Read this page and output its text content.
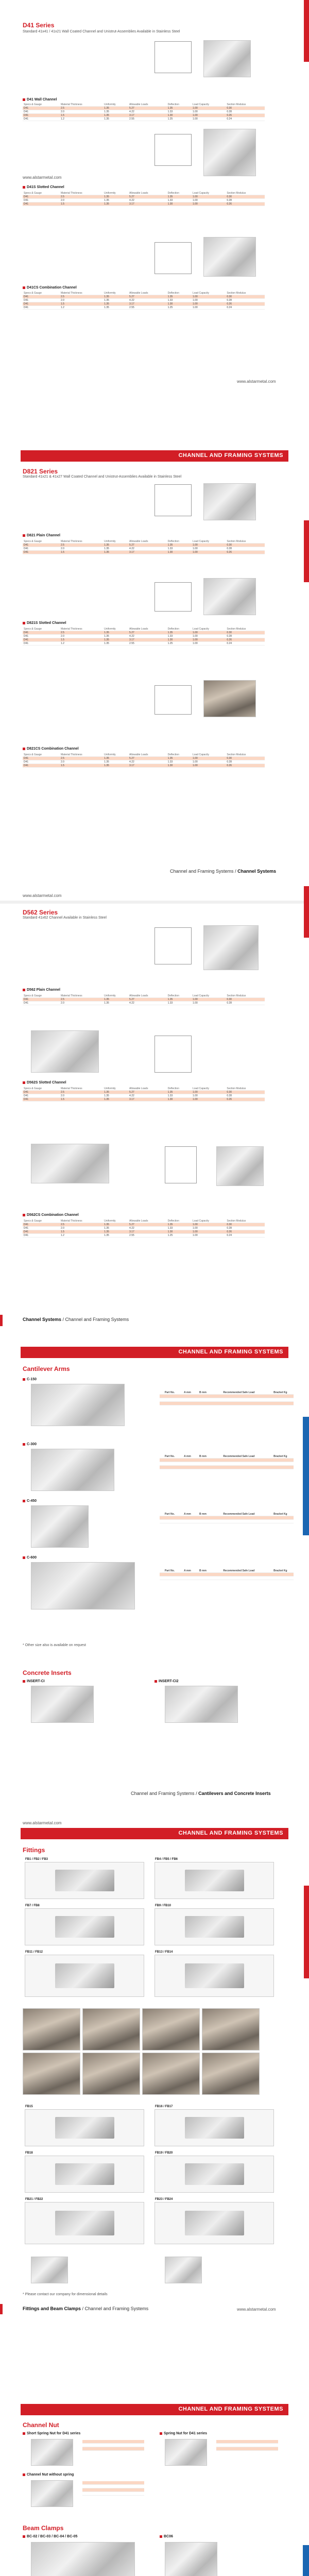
D41 Series
Standard 41x41 / 41x21 Wall Coated Channel and Unistrut-Assemblies Available in Stainless Steel
D41 Wall Channel
Specs & Gauge	Material Thickness	Uniformity	Allowable Loads	Deflection	Load Capacity	Section Modulus
D41	2.5	1.35	5.27	1.35	1.00	0.30
D41	2.0	1.35	4.22	1.33	1.00	0.28
D41	1.5	1.35	3.17	1.30	1.00	0.26
D41	1.2	1.35	2.55	1.25	1.00	0.24
www.alstarmetal.com
D41S Slotted Channel
Specs & Gauge	Material Thickness	Uniformity	Allowable Loads	Deflection	Load Capacity	Section Modulus
D41	2.5	1.35	5.27	1.35	1.00	0.30
D41	2.0	1.35	4.22	1.33	1.00	0.28
D41	1.5	1.35	3.17	1.30	1.00	0.26
D41CS Combination Channel
Specs & Gauge	Material Thickness	Uniformity	Allowable Loads	Deflection	Load Capacity	Section Modulus
D41	2.5	1.35	5.27	1.35	1.00	0.30
D41	2.0	1.35	4.22	1.33	1.00	0.28
D41	1.5	1.35	3.17	1.30	1.00	0.26
D41	1.2	1.35	2.55	1.25	1.00	0.24
www.alstarmetal.com
CHANNEL AND FRAMING SYSTEMS
D821 Series
Standard 41x21 & 41x27 Wall Coated Channel and Unistrut-Assemblies Available in Stainless Steel
D821 Plain Channel
Specs & Gauge	Material Thickness	Uniformity	Allowable Loads	Deflection	Load Capacity	Section Modulus
D41	2.5	1.35	5.27	1.35	1.00	0.30
D41	2.0	1.35	4.22	1.33	1.00	0.28
D41	1.5	1.35	3.17	1.30	1.00	0.26
D821S Slotted Channel
Specs & Gauge	Material Thickness	Uniformity	Allowable Loads	Deflection	Load Capacity	Section Modulus
D41	2.5	1.35	5.27	1.35	1.00	0.30
D41	2.0	1.35	4.22	1.33	1.00	0.28
D41	1.5	1.35	3.17	1.30	1.00	0.26
D41	1.2	1.35	2.55	1.25	1.00	0.24
D821CS Combination Channel
Specs & Gauge	Material Thickness	Uniformity	Allowable Loads	Deflection	Load Capacity	Section Modulus
D41	2.5	1.35	5.27	1.35	1.00	0.30
D41	2.0	1.35	4.22	1.33	1.00	0.28
D41	1.5	1.35	3.17	1.30	1.00	0.26
Channel and Framing Systems / Channel Systems
www.alstarmetal.com
D562 Series
Standard 41x62 Channel Available in Stainless Steel
D562 Plain Channel
Specs & Gauge	Material Thickness	Uniformity	Allowable Loads	Deflection	Load Capacity	Section Modulus
D41	2.5	1.35	5.27	1.35	1.00	0.30
D41	2.0	1.35	4.22	1.33	1.00	0.28
D562S Slotted Channel
Specs & Gauge	Material Thickness	Uniformity	Allowable Loads	Deflection	Load Capacity	Section Modulus
D41	2.5	1.35	5.27	1.35	1.00	0.30
D41	2.0	1.35	4.22	1.33	1.00	0.28
D41	1.5	1.35	3.17	1.30	1.00	0.26
D562CS Combination Channel
Specs & Gauge	Material Thickness	Uniformity	Allowable Loads	Deflection	Load Capacity	Section Modulus
D41	2.5	1.35	5.27	1.35	1.00	0.30
D41	2.0	1.35	4.22	1.33	1.00	0.28
D41	1.5	1.35	3.17	1.30	1.00	0.26
D41	1.2	1.35	2.55	1.25	1.00	0.24
Channel Systems / Channel and Framing Systems
CHANNEL AND FRAMING SYSTEMS
Cantilever Arms
C-150
Part No.	A mm	B mm	Recommended Safe Load	Bracket Kg

C-300
Part No.	A mm	B mm	Recommended Safe Load	Bracket Kg

C-450
Part No.	A mm	B mm	Recommended Safe Load	Bracket Kg

C-600
Part No.	A mm	B mm	Recommended Safe Load	Bracket Kg

* Other size also is available on request
Concrete Inserts
INSERT-CI	INSERT-CI2
Channel and Framing Systems / Cantilevers and Concrete Inserts
www.alstarmetal.com
CHANNEL AND FRAMING SYSTEMS
Fittings
FB1 / FB2 / FB3	FB4 / FB5 / FB6
FB7 / FB8	FB9 / FB10
FB11 / FB12	FB13 / FB14
FB15	FB16 / FB17
FB18	FB19 / FB20
FB21 / FB22	FB23 / FB24
* Please contact our company for dimensional details
Fittings and Beam Clamps / Channel and Framing Systems	www.alstarmetal.com
CHANNEL AND FRAMING SYSTEMS
Channel Nut
Short Spring Nut for D41 series

		Spring Nut for D41 series

Channel Nut without spring

Beam Clamps
BC-02 / BC-03 / BC-04 / BC-05	BC06
